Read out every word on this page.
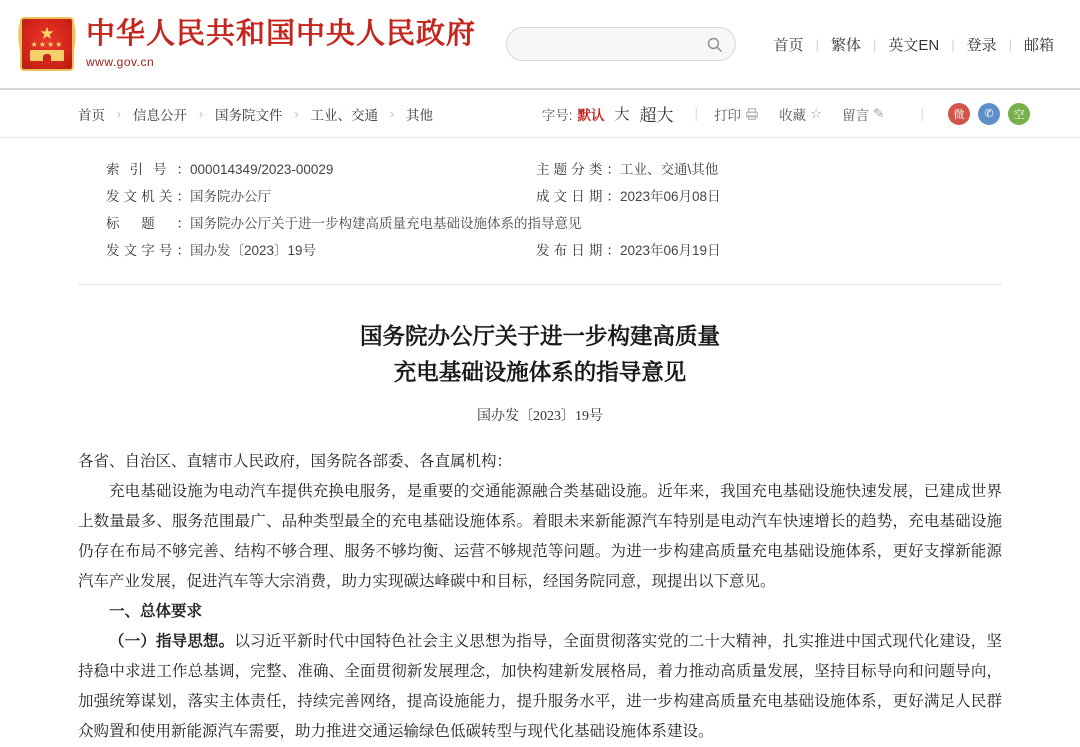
★
★★★★ 中华人民共和国中央人民政府
www.gov.cn
首页 | 繁体 | 英文EN | 登录 | 邮箱
首页 › 信息公开 › 国务院文件 › 工业、交通 › 其他	字号: 默认 大 超大 | 打印	收藏 ☆ 留言 ✎	|	微	✆	空
索引号 ：	000014349/2023-00029	主题分类 ：	工业、交通\其他
发文机关 ：	国务院办公厅	成文日期 ：	2023年06月08日
标题 ：	国务院办公厅关于进一步构建高质量充电基础设施体系的指导意见
发文字号 ：	国办发〔2023〕19号	发布日期 ：	2023年06月19日
国务院办公厅关于进一步构建高质量
充电基础设施体系的指导意见
国办发〔2023〕19号

各省、自治区、直辖市人民政府，国务院各部委、各直属机构：

充电基础设施为电动汽车提供充换电服务，是重要的交通能源融合类基础设施。近年来，我国充电基础设施快速发展，已建成世界上数量最多、服务范围最广、品种类型最全的充电基础设施体系。着眼未来新能源汽车特别是电动汽车快速增长的趋势，充电基础设施仍存在布局不够完善、结构不够合理、服务不够均衡、运营不够规范等问题。为进一步构建高质量充电基础设施体系，更好支撑新能源汽车产业发展，促进汽车等大宗消费，助力实现碳达峰碳中和目标，经国务院同意，现提出以下意见。

一、总体要求

（一）指导思想。以习近平新时代中国特色社会主义思想为指导，全面贯彻落实党的二十大精神，扎实推进中国式现代化建设，坚持稳中求进工作总基调，完整、准确、全面贯彻新发展理念，加快构建新发展格局，着力推动高质量发展，坚持目标导向和问题导向，加强统筹谋划，落实主体责任，持续完善网络，提高设施能力，提升服务水平，进一步构建高质量充电基础设施体系，更好满足人民群众购置和使用新能源汽车需要，助力推进交通运输绿色低碳转型与现代化基础设施体系建设。
